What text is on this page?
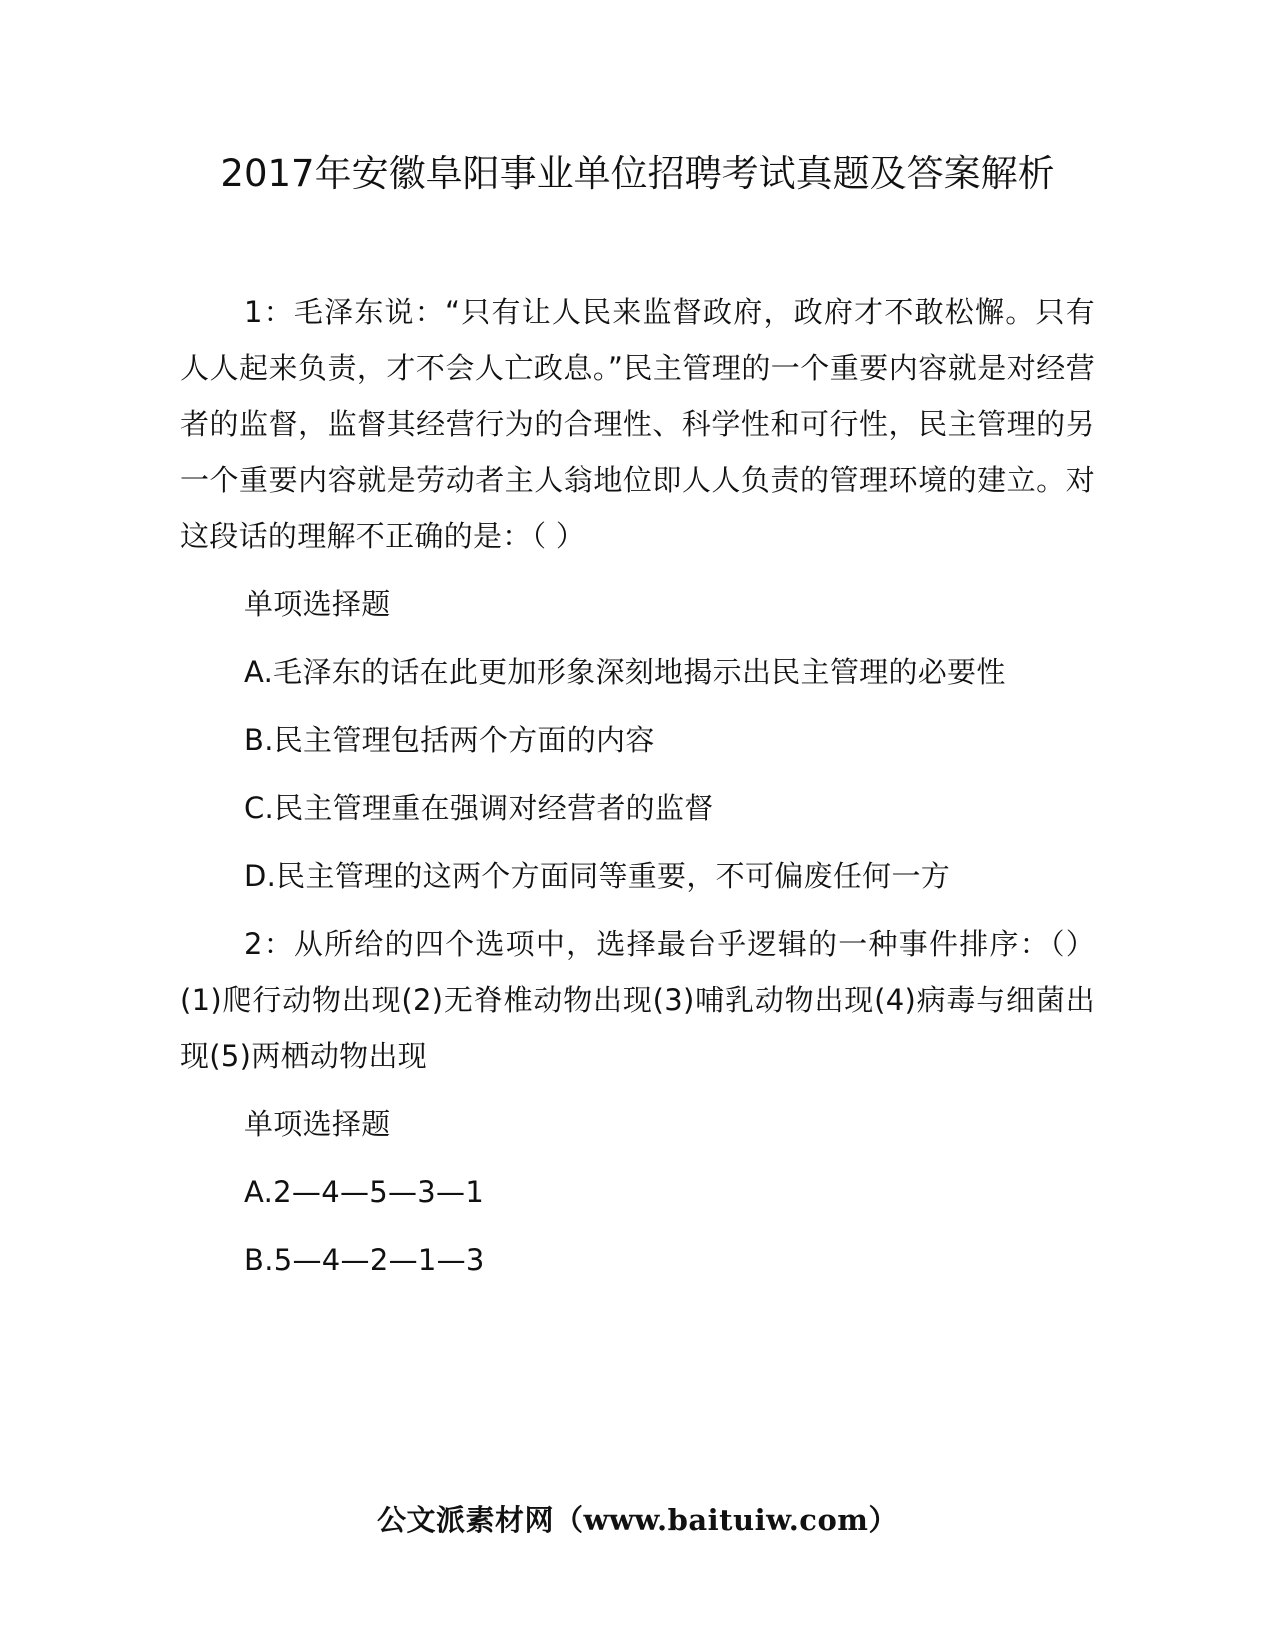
2017年安徽阜阳事业单位招聘考试真题及答案解析

1：毛泽东说：“只有让人民来监督政府，政府才不敢松懈。只有人人起来负责，才不会人亡政息。”民主管理的一个重要内容就是对经营者的监督，监督其经营行为的合理性、科学性和可行性，民主管理的另一个重要内容就是劳动者主人翁地位即人人负责的管理环境的建立。对这段话的理解不正确的是：（ ）

单项选择题

A.毛泽东的话在此更加形象深刻地揭示出民主管理的必要性

B.民主管理包括两个方面的内容

C.民主管理重在强调对经营者的监督

D.民主管理的这两个方面同等重要，不可偏废任何一方

2：从所给的四个选项中，选择最台乎逻辑的一种事件排序：（）(1)爬行动物出现(2)无脊椎动物出现(3)哺乳动物出现(4)病毒与细菌出现(5)两栖动物出现

单项选择题

A.2—4—5—3—1

B.5—4—2—1—3

公文派素材网（www.baituiw.com）
